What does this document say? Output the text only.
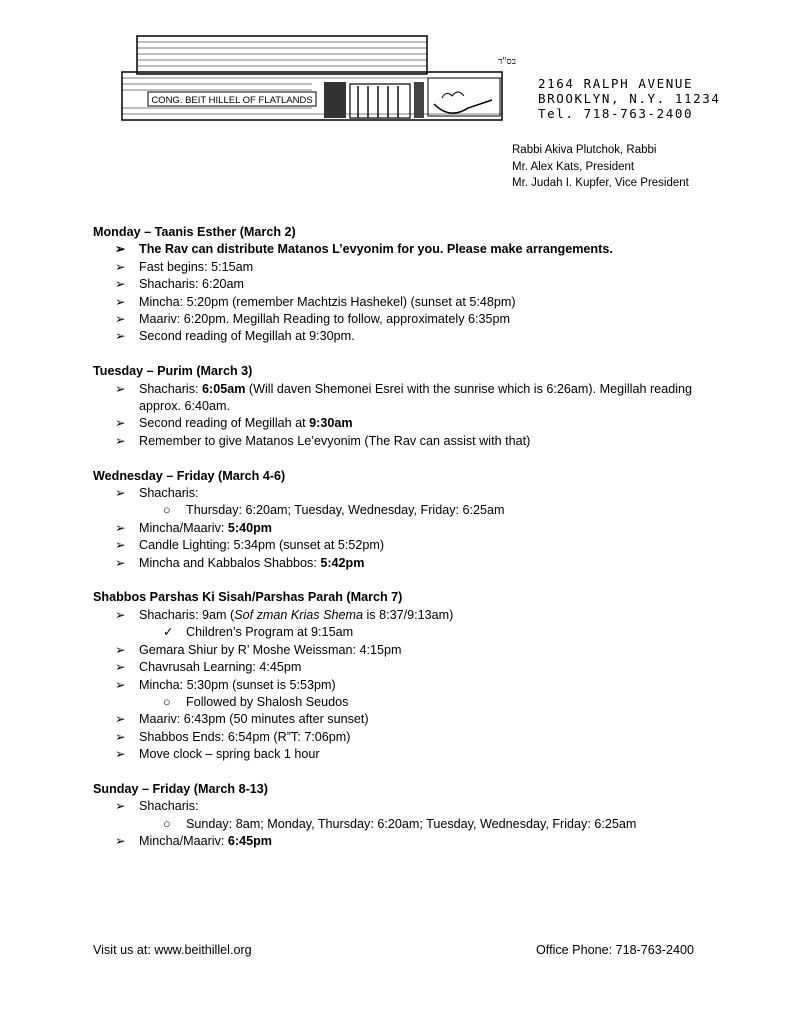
CONG. BEIT HILLEL OF FLATLANDS
בס"ד
2164 RALPH AVENUE
BROOKLYN, N.Y. 11234
Tel. 718-763-2400
Rabbi Akiva Plutchok, Rabbi
Mr. Alex Kats, President
Mr. Judah I. Kupfer, Vice President
Monday – Taanis Esther (March 2)
➢	The Rav can distribute Matanos L’evyonim for you. Please make arrangements.
➢	Fast begins: 5:15am
➢	Shacharis: 6:20am
➢	Mincha: 5:20pm (remember Machtzis Hashekel) (sunset at 5:48pm)
➢	Maariv: 6:20pm. Megillah Reading to follow, approximately 6:35pm
➢	Second reading of Megillah at 9:30pm.
Tuesday – Purim (March 3)
➢	Shacharis: 6:05am (Will daven Shemonei Esrei with the sunrise which is 6:26am). Megillah reading approx. 6:40am.
➢	Second reading of Megillah at 9:30am
➢	Remember to give Matanos Le’evyonim (The Rav can assist with that)
Wednesday – Friday (March 4-6)
➢	Shacharis:
○ Thursday: 6:20am; Tuesday, Wednesday, Friday: 6:25am
➢	Mincha/Maariv: 5:40pm
➢	Candle Lighting: 5:34pm (sunset at 5:52pm)
➢	Mincha and Kabbalos Shabbos: 5:42pm
Shabbos Parshas Ki Sisah/Parshas Parah (March 7)
➢	Shacharis: 9am (Sof zman Krias Shema is 8:37/9:13am)
✓ Children’s Program at 9:15am
➢	Gemara Shiur by R’ Moshe Weissman: 4:15pm
➢	Chavrusah Learning: 4:45pm
➢	Mincha: 5:30pm (sunset is 5:53pm)
○ Followed by Shalosh Seudos
➢	Maariv: 6:43pm (50 minutes after sunset)
➢	Shabbos Ends: 6:54pm (R”T: 7:06pm)
➢	Move clock – spring back 1 hour
Sunday – Friday (March 8-13)
➢	Shacharis:
○ Sunday: 8am; Monday, Thursday: 6:20am; Tuesday, Wednesday, Friday: 6:25am
➢	Mincha/Maariv: 6:45pm
Visit us at: www.beithillel.org	Office Phone: 718-763-2400
